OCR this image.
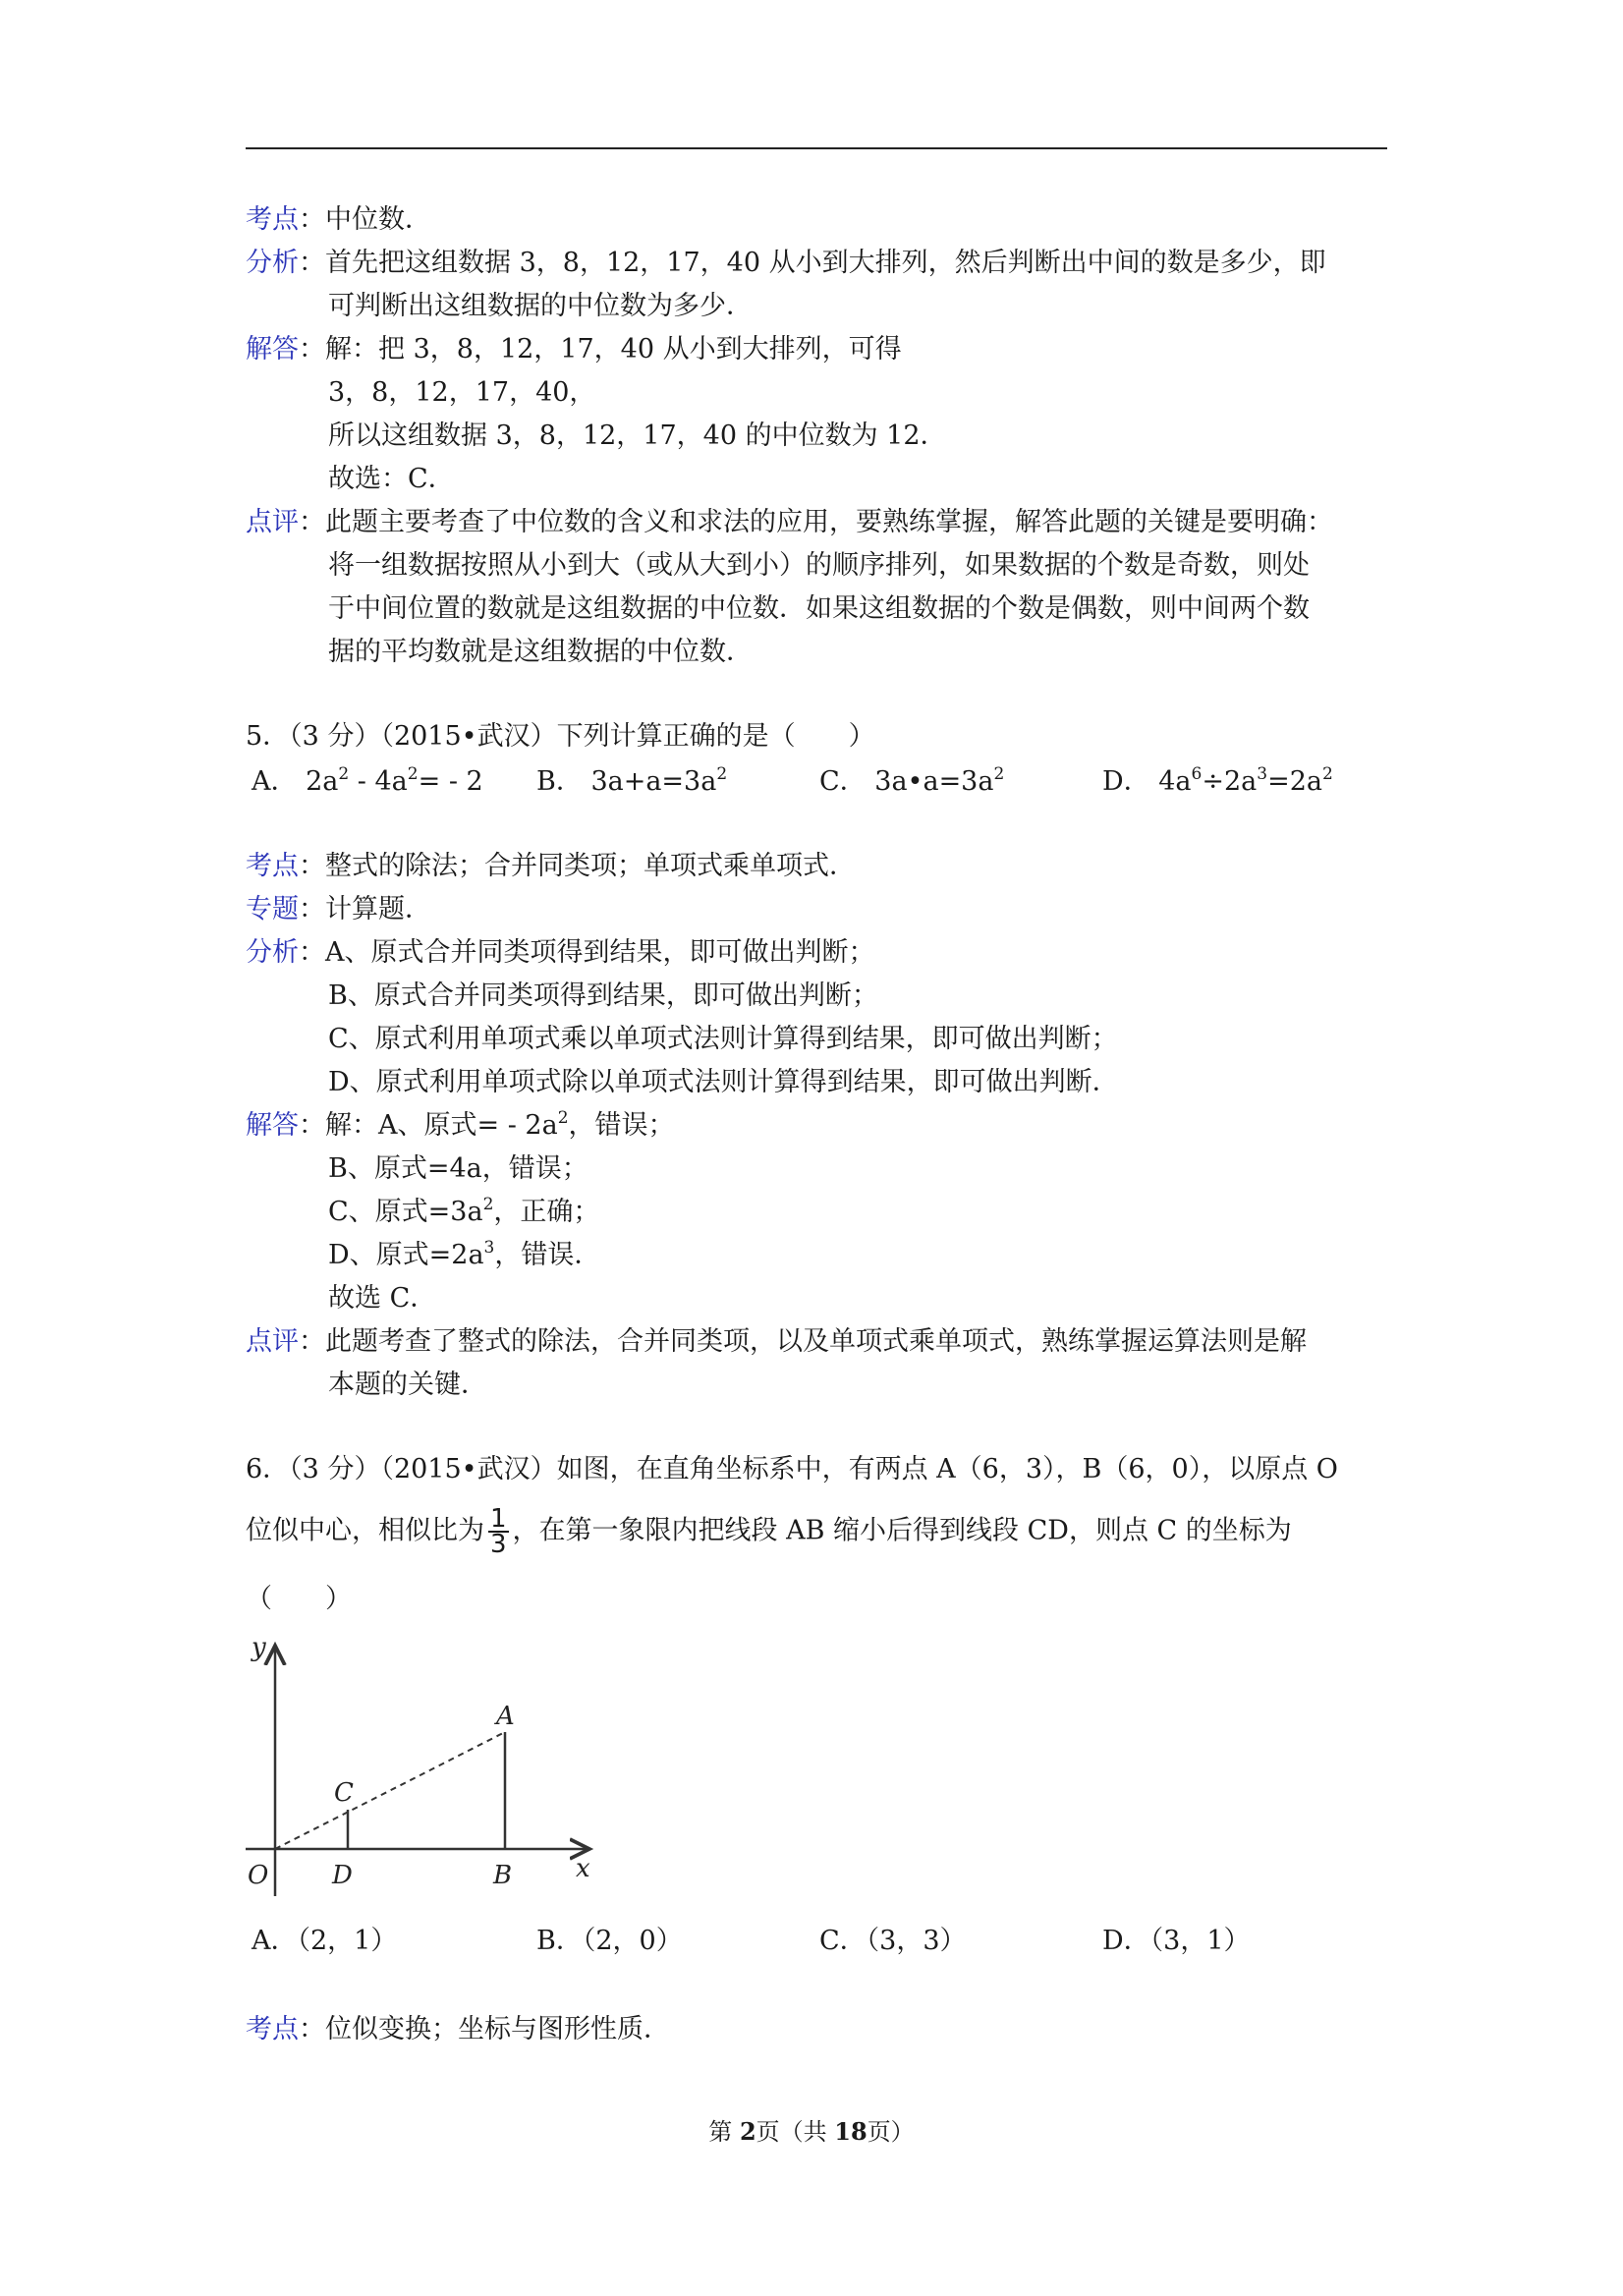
考点：中位数．
分析：首先把这组数据 3，8，12，17，40 从小到大排列，然后判断出中间的数是多少，即
可判断出这组数据的中位数为多少．
解答：解：把 3，8，12，17，40 从小到大排列，可得
3，8，12，17，40，
所以这组数据 3，8，12，17，40 的中位数为 12．
故选：C．
点评：此题主要考查了中位数的含义和求法的应用，要熟练掌握，解答此题的关键是要明确：
将一组数据按照从小到大（或从大到小）的顺序排列，如果数据的个数是奇数，则处
于中间位置的数就是这组数据的中位数．如果这组数据的个数是偶数，则中间两个数
据的平均数就是这组数据的中位数．
5．（3 分）（2015•武汉）下列计算正确的是（　　）
A． $2a^2 - 4a^2= - 2$ B． $3a+a=3a^2$	C． $3a•a=3a^2$	D． $4a^6\div 2a^3=2a^2$
考点：整式的除法；合并同类项；单项式乘单项式．
专题：计算题．
分析：A、原式合并同类项得到结果，即可做出判断；
B、原式合并同类项得到结果，即可做出判断；
C、原式利用单项式乘以单项式法则计算得到结果，即可做出判断；
D、原式利用单项式除以单项式法则计算得到结果，即可做出判断．
解答：解：A、原式= - $2a^2$，错误；
B、原式=4a，错误；
C、原式$=3a^2$，正确；
D、原式$=2a^3$，错误．
故选 C．
点评：此题考查了整式的除法，合并同类项，以及单项式乘单项式，熟练掌握运算法则是解
本题的关键．
6．（3 分）（2015•武汉）如图，在直角坐标系中，有两点 A（6，3），B（6，0），以原点 O
位似中心，相似比为 $\frac{1}{3}$ ，在第一象限内把线段 AB 缩小后得到线段 CD，则点 C 的坐标为
（　　）
y
x
O
A
B
C
D
A．（2，1）	B．（2，0）	C．（3，3）	D．（3，1）
考点：位似变换；坐标与图形性质．
第 2页（共 18页）
